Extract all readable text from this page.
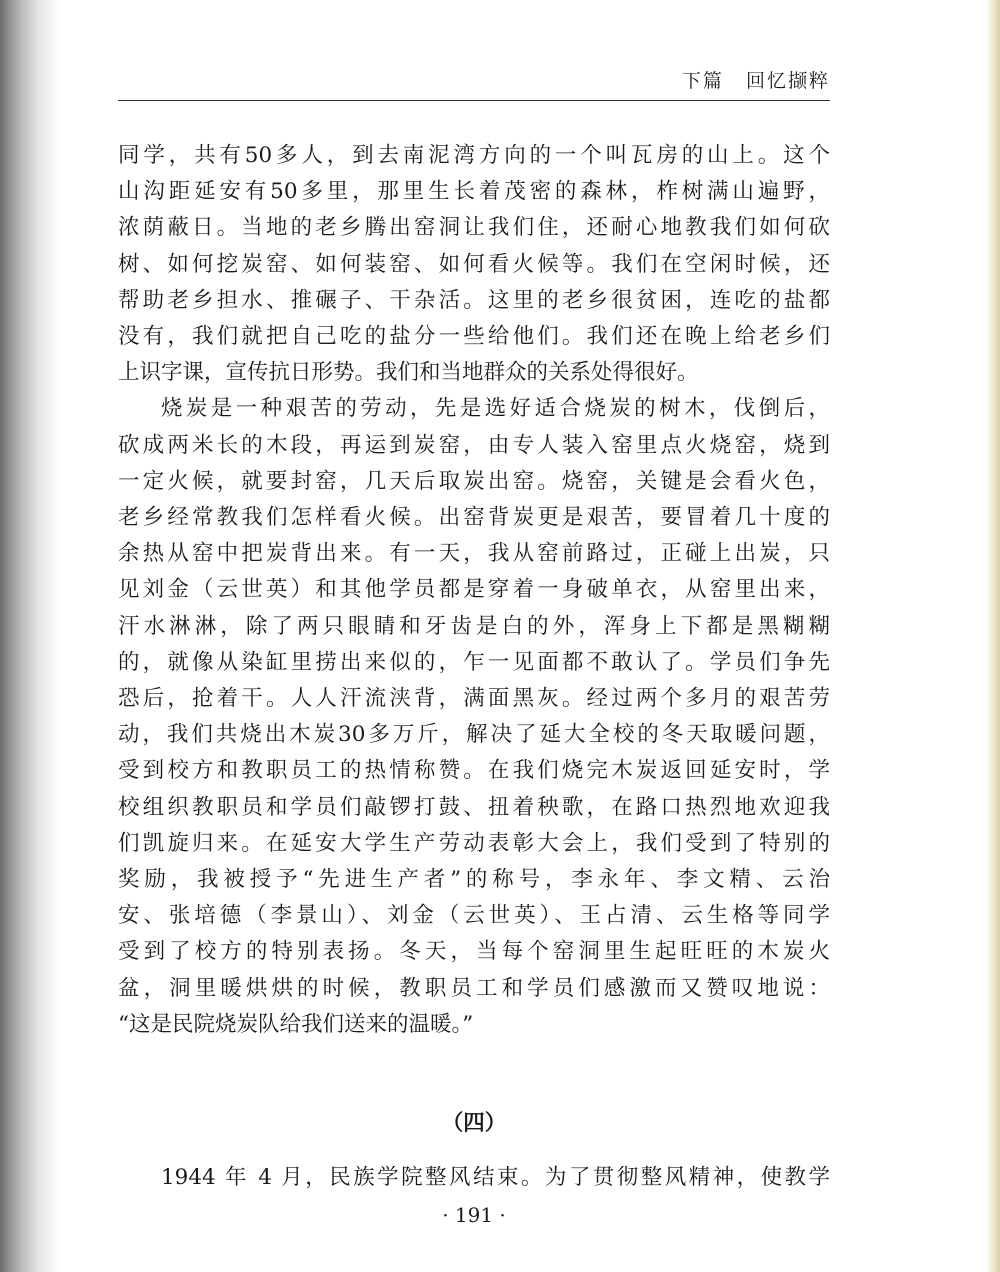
下篇 回忆撷粹

同学，共有50多人，到去南泥湾方向的一个叫瓦房的山上。这个

山沟距延安有50多里，那里生长着茂密的森林，柞树满山遍野，

浓荫蔽日。当地的老乡腾出窑洞让我们住，还耐心地教我们如何砍

树、如何挖炭窑、如何装窑、如何看火候等。我们在空闲时候，还

帮助老乡担水、推碾子、干杂活。这里的老乡很贫困，连吃的盐都

没有，我们就把自己吃的盐分一些给他们。我们还在晚上给老乡们

上识字课，宣传抗日形势。我们和当地群众的关系处得很好。

烧炭是一种艰苦的劳动，先是选好适合烧炭的树木，伐倒后，

砍成两米长的木段，再运到炭窑，由专人装入窑里点火烧窑，烧到

一定火候，就要封窑，几天后取炭出窑。烧窑，关键是会看火色，

老乡经常教我们怎样看火候。出窑背炭更是艰苦，要冒着几十度的

余热从窑中把炭背出来。有一天，我从窑前路过，正碰上出炭，只

见刘金（云世英）和其他学员都是穿着一身破单衣，从窑里出来，

汗水淋淋，除了两只眼睛和牙齿是白的外，浑身上下都是黑糊糊

的，就像从染缸里捞出来似的，乍一见面都不敢认了。学员们争先

恐后，抢着干。人人汗流浃背，满面黑灰。经过两个多月的艰苦劳

动，我们共烧出木炭30多万斤，解决了延大全校的冬天取暖问题，

受到校方和教职员工的热情称赞。在我们烧完木炭返回延安时，学

校组织教职员和学员们敲锣打鼓、扭着秧歌，在路口热烈地欢迎我

们凯旋归来。在延安大学生产劳动表彰大会上，我们受到了特别的

奖励，我被授予“先进生产者”的称号，李永年、李文精、云治

安、张培德（李景山）、刘金（云世英）、王占清、云生格等同学

受到了校方的特别表扬。冬天，当每个窑洞里生起旺旺的木炭火

盆，洞里暖烘烘的时候，教职员工和学员们感激而又赞叹地说：

“这是民院烧炭队给我们送来的温暖。”

（四）
1944 年 4 月，民族学院整风结束。为了贯彻整风精神，使教学
· 191 ·
